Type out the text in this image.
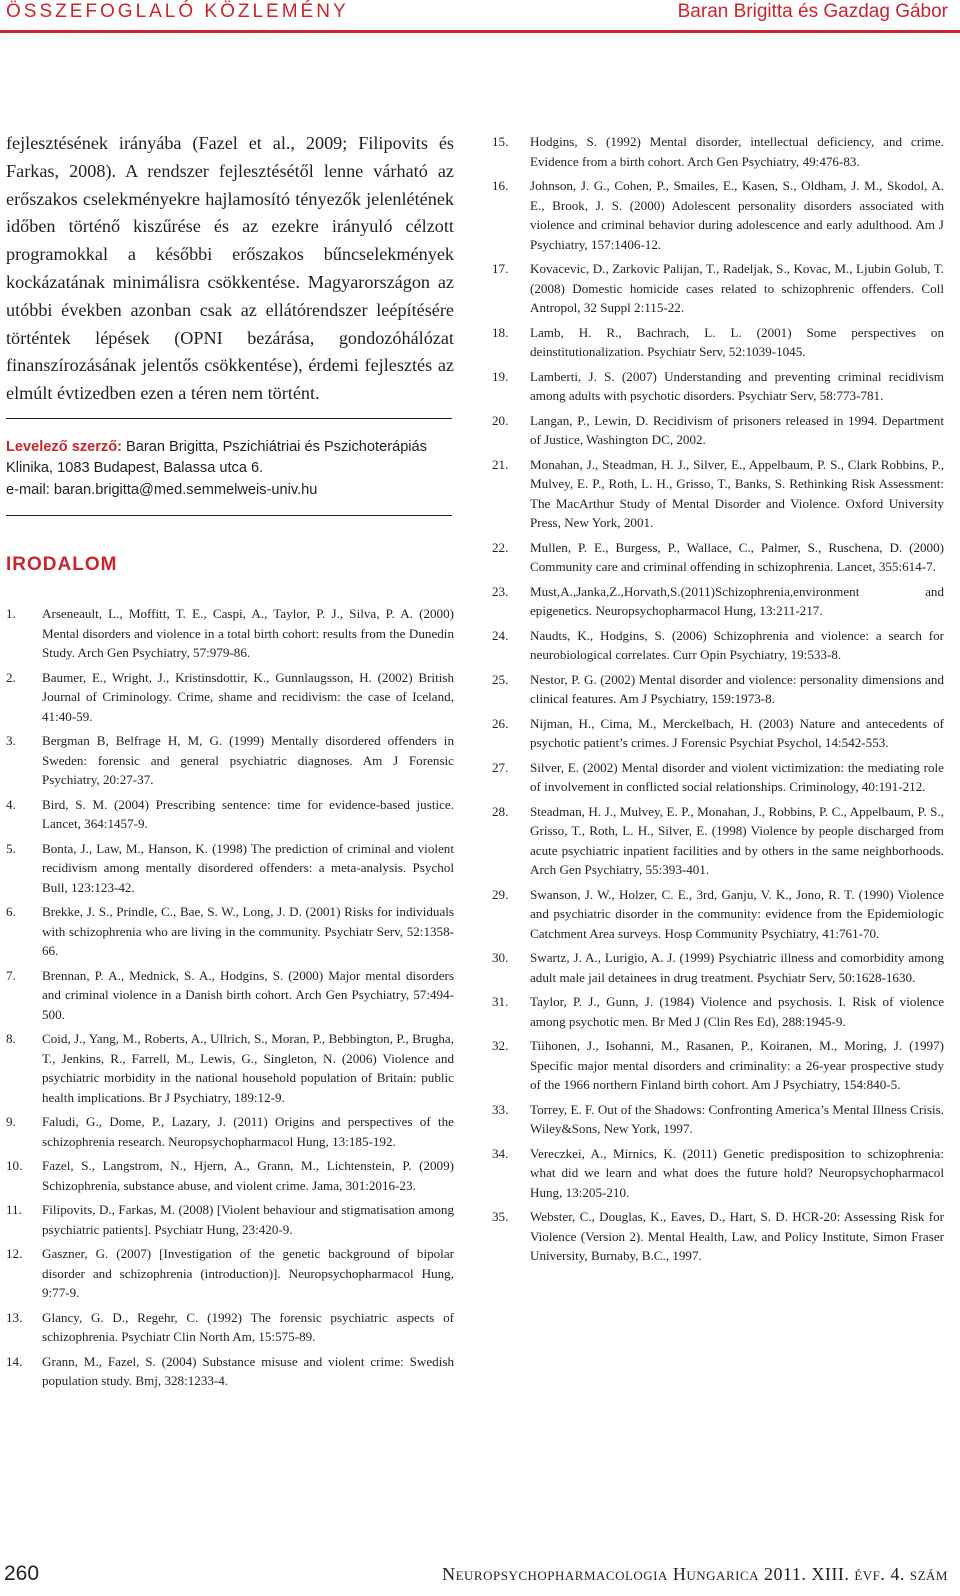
ÖSSZEFOGLALÓ KÖZLEMÉNY	Baran Brigitta és Gazdag Gábor

fejlesztésének irányába (Fazel et al., 2009; Filipovits és Farkas, 2008). A rendszer fejlesztésétől lenne várható az erőszakos cselekményekre hajlamosító tényezők jelenlétének időben történő kiszűrése és az ezekre irányuló célzott programokkal a későbbi erőszakos bűncselekmények kockázatának minimálisra csökkentése. Magyarországon az utóbbi években azonban csak az ellátórendszer leépítésére történtek lépések (OPNI bezárása, gondozóhálózat finanszírozásának jelentős csökkentése), érdemi fejlesztés az elmúlt évtizedben ezen a téren nem történt.

Levelező szerző: Baran Brigitta, Pszichiátriai és Pszichoterápiás Klinika, 1083 Budapest, Balassa utca 6.
e-mail: baran.brigitta@med.semmelweis-univ.hu
IRODALOM
1.	Arseneault, L., Moffitt, T. E., Caspi, A., Taylor, P. J., Silva, P. A. (2000) Mental disorders and violence in a total birth cohort: results from the Dunedin Study. Arch Gen Psychiatry, 57:979-86.
2.	Baumer, E., Wright, J., Kristinsdottir, K., Gunnlaugsson, H. (2002) British Journal of Criminology. Crime, shame and recidivism: the case of Iceland, 41:40-59.
3.	Bergman B, Belfrage H, M, G. (1999) Mentally disordered offenders in Sweden: forensic and general psychiatric diagnoses. Am J Forensic Psychiatry, 20:27-37.
4.	Bird, S. M. (2004) Prescribing sentence: time for evidence-based justice. Lancet, 364:1457-9.
5.	Bonta, J., Law, M., Hanson, K. (1998) The prediction of criminal and violent recidivism among mentally disordered offenders: a meta-analysis. Psychol Bull, 123:123-42.
6.	Brekke, J. S., Prindle, C., Bae, S. W., Long, J. D. (2001) Risks for individuals with schizophrenia who are living in the community. Psychiatr Serv, 52:1358-66.
7.	Brennan, P. A., Mednick, S. A., Hodgins, S. (2000) Major mental disorders and criminal violence in a Danish birth cohort. Arch Gen Psychiatry, 57:494-500.
8.	Coid, J., Yang, M., Roberts, A., Ullrich, S., Moran, P., Bebbington, P., Brugha, T., Jenkins, R., Farrell, M., Lewis, G., Singleton, N. (2006) Violence and psychiatric morbidity in the national household population of Britain: public health implications. Br J Psychiatry, 189:12-9.
9.	Faludi, G., Dome, P., Lazary, J. (2011) Origins and perspectives of the schizophrenia research. Neuropsychopharmacol Hung, 13:185-192.
10.	Fazel, S., Langstrom, N., Hjern, A., Grann, M., Lichtenstein, P. (2009) Schizophrenia, substance abuse, and violent crime. Jama, 301:2016-23.
11.	Filipovits, D., Farkas, M. (2008) [Violent behaviour and stigmatisation among psychiatric patients]. Psychiatr Hung, 23:420-9.
12.	Gaszner, G. (2007) [Investigation of the genetic background of bipolar disorder and schizophrenia (introduction)]. Neuropsychopharmacol Hung, 9:77-9.
13.	Glancy, G. D., Regehr, C. (1992) The forensic psychiatric aspects of schizophrenia. Psychiatr Clin North Am, 15:575-89.
14.	Grann, M., Fazel, S. (2004) Substance misuse and violent crime: Swedish population study. Bmj, 328:1233-4.
15.	Hodgins, S. (1992) Mental disorder, intellectual deficiency, and crime. Evidence from a birth cohort. Arch Gen Psychiatry, 49:476-83.
16.	Johnson, J. G., Cohen, P., Smailes, E., Kasen, S., Oldham, J. M., Skodol, A. E., Brook, J. S. (2000) Adolescent personality disorders associated with violence and criminal behavior during adolescence and early adulthood. Am J Psychiatry, 157:1406-12.
17.	Kovacevic, D., Zarkovic Palijan, T., Radeljak, S., Kovac, M., Ljubin Golub, T. (2008) Domestic homicide cases related to schizophrenic offenders. Coll Antropol, 32 Suppl 2:115-22.
18.	Lamb, H. R., Bachrach, L. L. (2001) Some perspectives on deinstitutionalization. Psychiatr Serv, 52:1039-1045.
19.	Lamberti, J. S. (2007) Understanding and preventing criminal recidivism among adults with psychotic disorders. Psychiatr Serv, 58:773-781.
20.	Langan, P., Lewin, D. Recidivism of prisoners released in 1994. Department of Justice, Washington DC, 2002.
21.	Monahan, J., Steadman, H. J., Silver, E., Appelbaum, P. S., Clark Robbins, P., Mulvey, E. P., Roth, L. H., Grisso, T., Banks, S. Rethinking Risk Assessment: The MacArthur Study of Mental Disorder and Violence. Oxford University Press, New York, 2001.
22.	Mullen, P. E., Burgess, P., Wallace, C., Palmer, S., Ruschena, D. (2000) Community care and criminal offending in schizophrenia. Lancet, 355:614-7.
23.	Must,A.,Janka,Z.,Horvath,S.(2011)Schizophrenia,environment and epigenetics. Neuropsychopharmacol Hung, 13:211-217.
24.	Naudts, K., Hodgins, S. (2006) Schizophrenia and violence: a search for neurobiological correlates. Curr Opin Psychiatry, 19:533-8.
25.	Nestor, P. G. (2002) Mental disorder and violence: personality dimensions and clinical features. Am J Psychiatry, 159:1973-8.
26.	Nijman, H., Cima, M., Merckelbach, H. (2003) Nature and antecedents of psychotic patient’s crimes. J Forensic Psychiat Psychol, 14:542-553.
27.	Silver, E. (2002) Mental disorder and violent victimization: the mediating role of involvement in conflicted social relationships. Criminology, 40:191-212.
28.	Steadman, H. J., Mulvey, E. P., Monahan, J., Robbins, P. C., Appelbaum, P. S., Grisso, T., Roth, L. H., Silver, E. (1998) Violence by people discharged from acute psychiatric inpatient facilities and by others in the same neighborhoods. Arch Gen Psychiatry, 55:393-401.
29.	Swanson, J. W., Holzer, C. E., 3rd, Ganju, V. K., Jono, R. T. (1990) Violence and psychiatric disorder in the community: evidence from the Epidemiologic Catchment Area surveys. Hosp Community Psychiatry, 41:761-70.
30.	Swartz, J. A., Lurigio, A. J. (1999) Psychiatric illness and comorbidity among adult male jail detainees in drug treatment. Psychiatr Serv, 50:1628-1630.
31.	Taylor, P. J., Gunn, J. (1984) Violence and psychosis. I. Risk of violence among psychotic men. Br Med J (Clin Res Ed), 288:1945-9.
32.	Tiihonen, J., Isohanni, M., Rasanen, P., Koiranen, M., Moring, J. (1997) Specific major mental disorders and criminality: a 26-year prospective study of the 1966 northern Finland birth cohort. Am J Psychiatry, 154:840-5.
33.	Torrey, E. F. Out of the Shadows: Confronting America’s Mental Illness Crisis. Wiley&Sons, New York, 1997.
34.	Vereczkei, A., Mirnics, K. (2011) Genetic predisposition to schizophrenia: what did we learn and what does the future hold? Neuropsychopharmacol Hung, 13:205-210.
35.	Webster, C., Douglas, K., Eaves, D., Hart, S. D. HCR-20: Assessing Risk for Violence (Version 2). Mental Health, Law, and Policy Institute, Simon Fraser University, Burnaby, B.C., 1997.
260	Neuropsychopharmacologia Hungarica 2011. XIII. évf. 4. szám
